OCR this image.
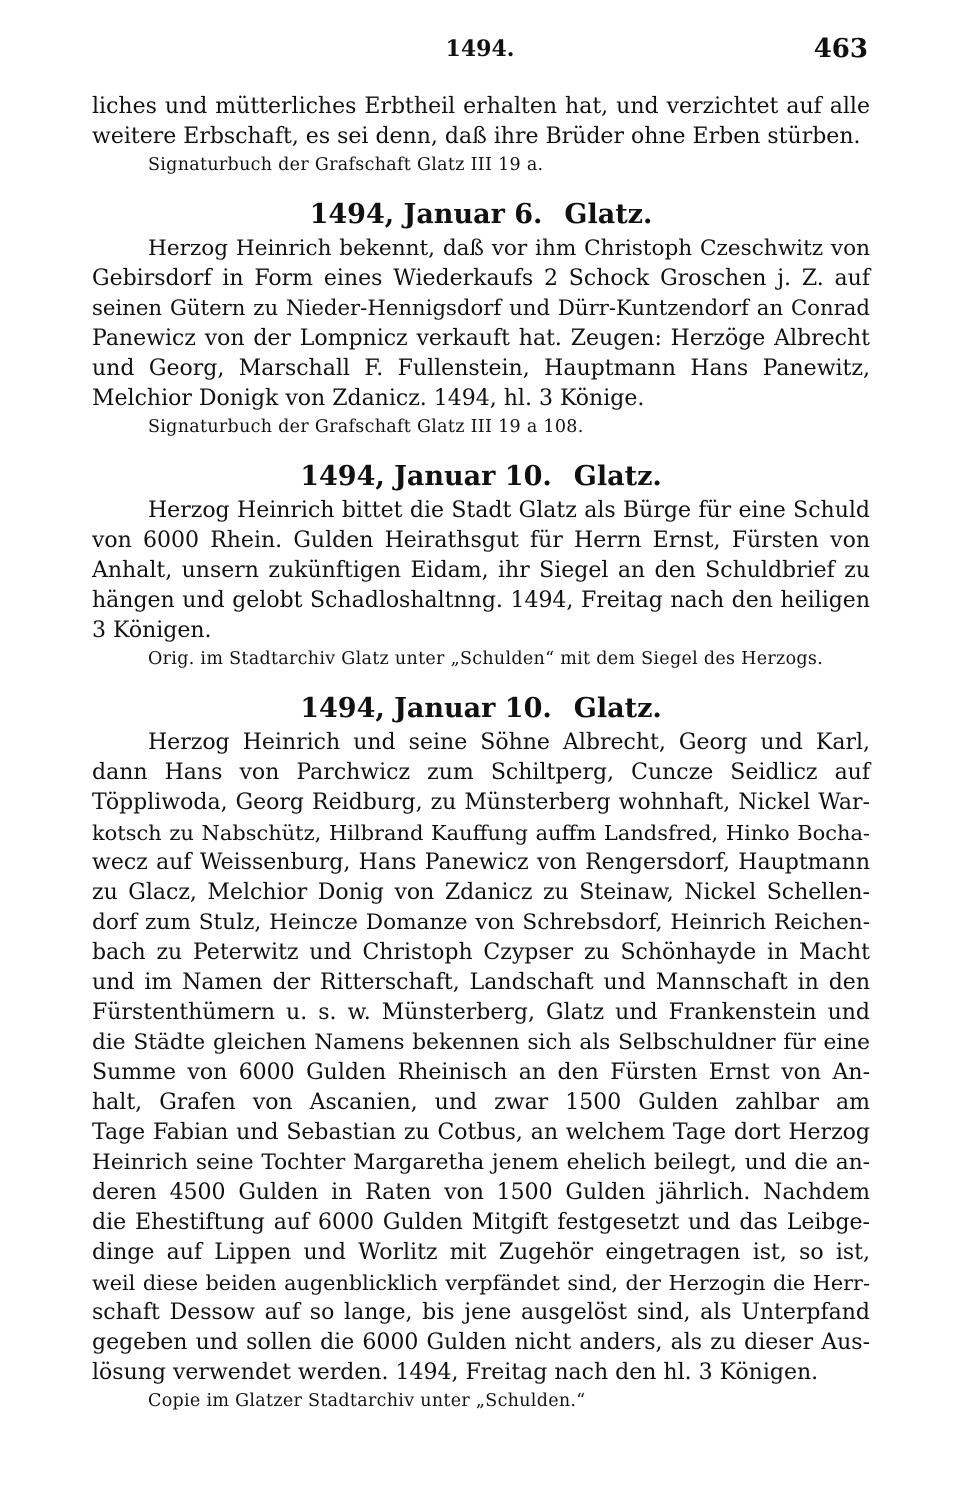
1494.	463
liches und mütterliches Erbtheil erhalten hat, und verzichtet auf alle
weitere Erbschaft, es sei denn, daß ihre Brüder ohne Erben stürben.
Signaturbuch der Grafschaft Glatz III 19 a.
1494, Januar 6. Glatz.
Herzog Heinrich bekennt, daß vor ihm Christoph Czeschwitz von
Gebirsdorf in Form eines Wiederkaufs 2 Schock Groschen j. Z. auf
seinen Gütern zu Nieder-Hennigsdorf und Dürr-Kuntzendorf an Conrad
Panewicz von der Lompnicz verkauft hat. Zeugen: Herzöge Albrecht
und Georg, Marschall F. Fullenstein, Hauptmann Hans Panewitz,
Melchior Donigk von Zdanicz. 1494, hl. 3 Könige.
Signaturbuch der Grafschaft Glatz III 19 a 108.
1494, Januar 10. Glatz.
Herzog Heinrich bittet die Stadt Glatz als Bürge für eine Schuld
von 6000 Rhein. Gulden Heirathsgut für Herrn Ernst, Fürsten von
Anhalt, unsern zukünftigen Eidam, ihr Siegel an den Schuldbrief zu
hängen und gelobt Schadloshaltnng. 1494, Freitag nach den heiligen
3 Königen.
Orig. im Stadtarchiv Glatz unter „Schulden“ mit dem Siegel des Herzogs.
1494, Januar 10. Glatz.
Herzog Heinrich und seine Söhne Albrecht, Georg und Karl,
dann Hans von Parchwicz zum Schiltperg, Cuncze Seidlicz auf
Töppliwoda, Georg Reidburg, zu Münsterberg wohnhaft, Nickel War-
kotsch zu Nabschütz, Hilbrand Kauffung auffm Landsfred, Hinko Bocha-
wecz auf Weissenburg, Hans Panewicz von Rengersdorf, Hauptmann
zu Glacz, Melchior Donig von Zdanicz zu Steinaw, Nickel Schellen-
dorf zum Stulz, Heincze Domanze von Schrebsdorf, Heinrich Reichen-
bach zu Peterwitz und Christoph Czypser zu Schönhayde in Macht
und im Namen der Ritterschaft, Landschaft und Mannschaft in den
Fürstenthümern u. s. w. Münsterberg, Glatz und Frankenstein und
die Städte gleichen Namens bekennen sich als Selbschuldner für eine
Summe von 6000 Gulden Rheinisch an den Fürsten Ernst von An-
halt, Grafen von Ascanien, und zwar 1500 Gulden zahlbar am
Tage Fabian und Sebastian zu Cotbus, an welchem Tage dort Herzog
Heinrich seine Tochter Margaretha jenem ehelich beilegt, und die an-
deren 4500 Gulden in Raten von 1500 Gulden jährlich. Nachdem
die Ehestiftung auf 6000 Gulden Mitgift festgesetzt und das Leibge-
dinge auf Lippen und Worlitz mit Zugehör eingetragen ist, so ist,
weil diese beiden augenblicklich verpfändet sind, der Herzogin die Herr-
schaft Dessow auf so lange, bis jene ausgelöst sind, als Unterpfand
gegeben und sollen die 6000 Gulden nicht anders, als zu dieser Aus-
lösung verwendet werden. 1494, Freitag nach den hl. 3 Königen.
Copie im Glatzer Stadtarchiv unter „Schulden.“
